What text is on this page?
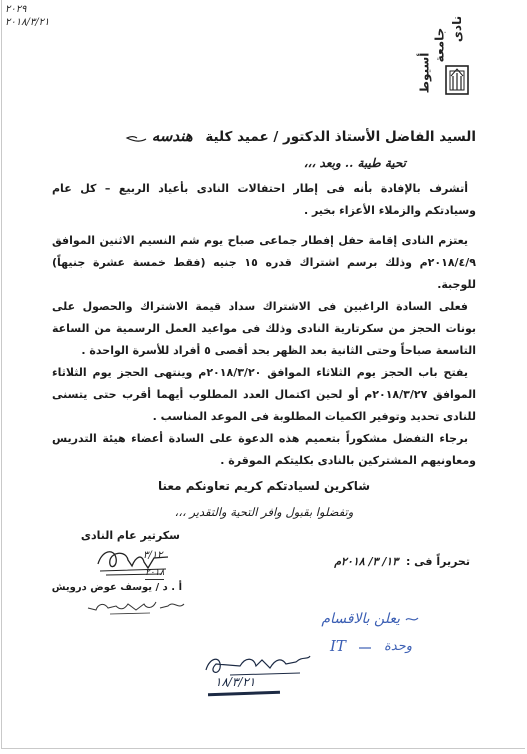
٢٠٢٩
٢٠١٨/٣/٢١	نادى
جامعة
أسيوط
السيد الفاضل الأستاذ الدكتور / عميد كلية هندسه
تحية طيبة .. وبعد ،،،

أتشرف بالإفادة بأنه فى إطار احتفالات النادى بأعياد الربيع – كل عام وسيادتكم والزملاء الأعزاء بخير .

يعتزم النادى إقامة حفل إفطار جماعى صباح يوم شم النسيم الاثنين الموافق ٢٠١٨/٤/٩م وذلك برسم اشتراك قدره ١٥ جنيه (فقط خمسة عشرة جنيهاً) للوجبة.

فعلى السادة الراغبين فى الاشتراك سداد قيمة الاشتراك والحصول على بونات الحجز من سكرتارية النادى وذلك فى مواعيد العمل الرسمية من الساعة التاسعة صباحاً وحتى الثانية بعد الظهر بحد أقصى ٥ أفراد للأسرة الواحدة .

يفتح باب الحجز يوم الثلاثاء الموافق ٢٠١٨/٣/٢٠م وينتهى الحجز يوم الثلاثاء الموافق ٢٠١٨/٣/٢٧م أو لحين اكتمال العدد المطلوب أيهما أقرب حتى يتسنى للنادى تحديد وتوفير الكميات المطلوبة فى الموعد المناسب .

برجاء التفضل مشكوراً بتعميم هذه الدعوة على السادة أعضاء هيئة التدريس ومعاونيهم المشتركين بالنادى بكليتكم الموقرة .

شاكرين لسيادتكم كريم تعاونكم معنا
وتفضلوا بقبول وافر التحية والتقدير ،،،
سكرتير عام النادى
٣/١٢
٢٠١٨
أ . د / يوسف عوض درويش
تحريراً فى : ١٣/ ٣/ ٢٠١٨م
يعلن بالاقسام
وحدة
IT
١٨/٣/٢١
